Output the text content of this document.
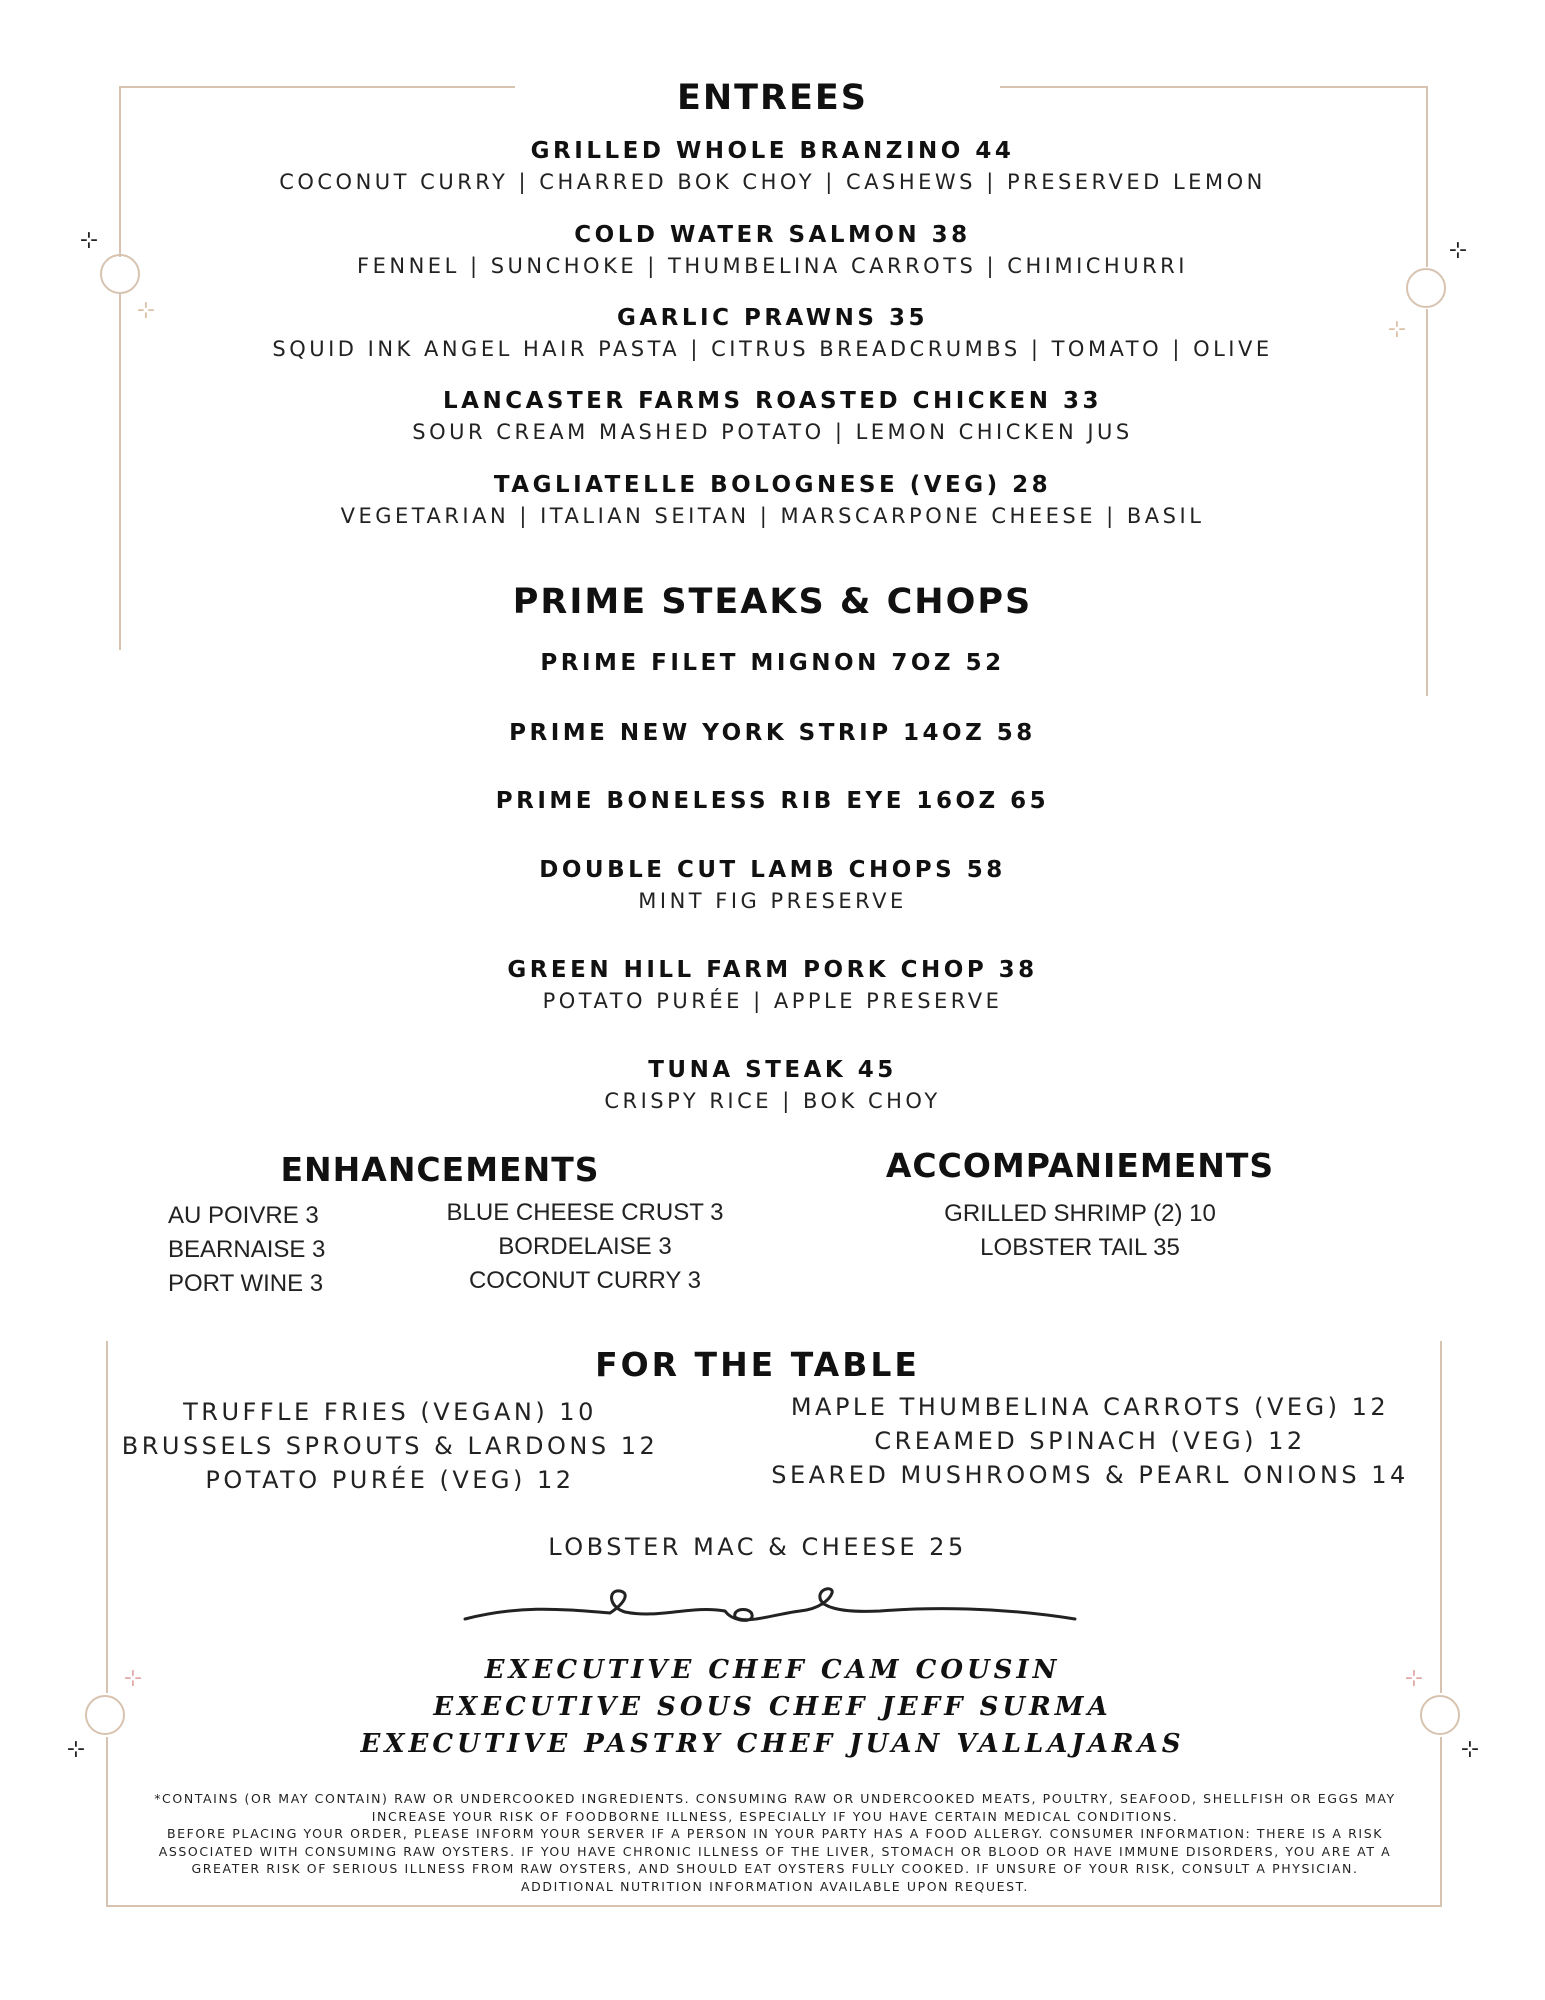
⊹
⊹
⊹
⊹
⊹
⊹
⊹
⊹
ENTREES
GRILLED WHOLE BRANZINO 44
COCONUT CURRY | CHARRED BOK CHOY | CASHEWS | PRESERVED LEMON
COLD WATER SALMON 38
FENNEL | SUNCHOKE | THUMBELINA CARROTS | CHIMICHURRI
GARLIC PRAWNS 35
SQUID INK ANGEL HAIR PASTA | CITRUS BREADCRUMBS | TOMATO | OLIVE
LANCASTER FARMS ROASTED CHICKEN 33
SOUR CREAM MASHED POTATO | LEMON CHICKEN JUS
TAGLIATELLE BOLOGNESE (VEG) 28
VEGETARIAN | ITALIAN SEITAN | MARSCARPONE CHEESE | BASIL
PRIME STEAKS & CHOPS
PRIME FILET MIGNON 7OZ 52
PRIME NEW YORK STRIP 14OZ 58
PRIME BONELESS RIB EYE 16OZ 65
DOUBLE CUT LAMB CHOPS 58
MINT FIG PRESERVE
GREEN HILL FARM PORK CHOP 38
POTATO PURÉE | APPLE PRESERVE
TUNA STEAK 45
CRISPY RICE | BOK CHOY
ENHANCEMENTS
AU POIVRE 3
BEARNAISE 3
PORT WINE 3
BLUE CHEESE CRUST 3
BORDELAISE 3
COCONUT CURRY 3
ACCOMPANIEMENTS
GRILLED SHRIMP (2) 10
LOBSTER TAIL 35
FOR THE TABLE
TRUFFLE FRIES (VEGAN) 10
BRUSSELS SPROUTS & LARDONS 12
POTATO PURÉE (VEG) 12
MAPLE THUMBELINA CARROTS (VEG) 12
CREAMED SPINACH (VEG) 12
SEARED MUSHROOMS & PEARL ONIONS 14
LOBSTER MAC & CHEESE 25
EXECUTIVE CHEF CAM COUSIN
EXECUTIVE SOUS CHEF JEFF SURMA
EXECUTIVE PASTRY CHEF JUAN VALLAJARAS
*CONTAINS (OR MAY CONTAIN) RAW OR UNDERCOOKED INGREDIENTS. CONSUMING RAW OR UNDERCOOKED MEATS, POULTRY, SEAFOOD, SHELLFISH OR EGGS MAY
INCREASE YOUR RISK OF FOODBORNE ILLNESS, ESPECIALLY IF YOU HAVE CERTAIN MEDICAL CONDITIONS.
BEFORE PLACING YOUR ORDER, PLEASE INFORM YOUR SERVER IF A PERSON IN YOUR PARTY HAS A FOOD ALLERGY. CONSUMER INFORMATION: THERE IS A RISK
ASSOCIATED WITH CONSUMING RAW OYSTERS. IF YOU HAVE CHRONIC ILLNESS OF THE LIVER, STOMACH OR BLOOD OR HAVE IMMUNE DISORDERS, YOU ARE AT A
GREATER RISK OF SERIOUS ILLNESS FROM RAW OYSTERS, AND SHOULD EAT OYSTERS FULLY COOKED. IF UNSURE OF YOUR RISK, CONSULT A PHYSICIAN.
ADDITIONAL NUTRITION INFORMATION AVAILABLE UPON REQUEST.
